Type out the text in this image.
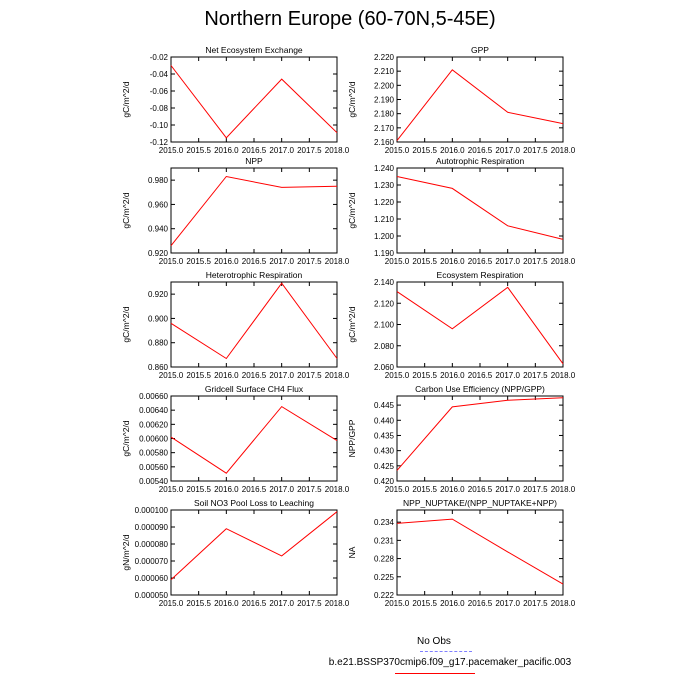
Northern Europe (60-70N,5-45E)
Net Ecosystem Exchange
gC/m^2/d
2015.0 2015.5 2016.0 2016.5 2017.0 2017.5 2018.0
-0.12
-0.10
-0.08
-0.06
-0.04
-0.02
GPP
gC/m^2/d
2015.0 2015.5 2016.0 2016.5 2017.0 2017.5 2018.0
2.160
2.170
2.180
2.190
2.200
2.210
2.220
NPP
gC/m^2/d
2015.0 2015.5 2016.0 2016.5 2017.0 2017.5 2018.0
0.920
0.940
0.960
0.980
Autotrophic Respiration
gC/m^2/d
2015.0 2015.5 2016.0 2016.5 2017.0 2017.5 2018.0
1.190
1.200
1.210
1.220
1.230
1.240
Heterotrophic Respiration
gC/m^2/d
2015.0 2015.5 2016.0 2016.5 2017.0 2017.5 2018.0
0.860
0.880
0.900
0.920
Ecosystem Respiration
gC/m^2/d
2015.0 2015.5 2016.0 2016.5 2017.0 2017.5 2018.0
2.060
2.080
2.100
2.120
2.140
Gridcell Surface CH4 Flux
gC/m^2/d
2015.0 2015.5 2016.0 2016.5 2017.0 2017.5 2018.0
0.00540
0.00560
0.00580
0.00600
0.00620
0.00640
0.00660
Carbon Use Efficiency (NPP/GPP)
NPP/GPP
2015.0 2015.5 2016.0 2016.5 2017.0 2017.5 2018.0
0.420
0.425
0.430
0.435
0.440
0.445
Soil NO3 Pool Loss to Leaching
gN/m^2/d
2015.0 2015.5 2016.0 2016.5 2017.0 2017.5 2018.0
0.000050
0.000060
0.000070
0.000080
0.000090
0.000100
NPP_NUPTAKE/(NPP_NUPTAKE+NPP)
NA
2015.0 2015.5 2016.0 2016.5 2017.0 2017.5 2018.0
0.222
0.225
0.228
0.231
0.234
No Obs
b.e21.BSSP370cmip6.f09_g17.pacemaker_pacific.003
